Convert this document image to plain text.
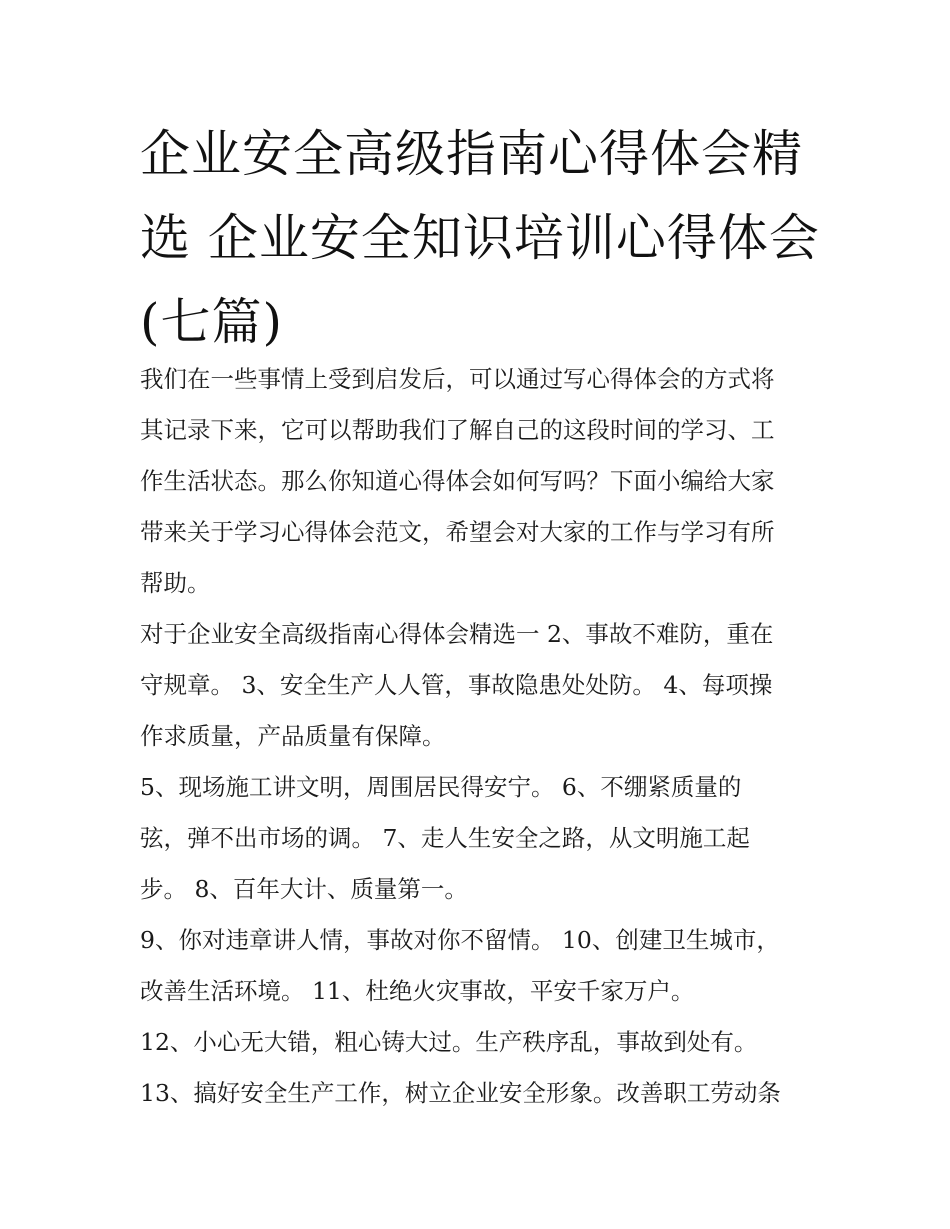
企业安全高级指南心得体会精
选 企业安全知识培训心得体会
(七篇)
我们在一些事情上受到启发后，可以通过写心得体会的方式将
其记录下来，它可以帮助我们了解自己的这段时间的学习、工
作生活状态。那么你知道心得体会如何写吗？下面小编给大家
带来关于学习心得体会范文，希望会对大家的工作与学习有所
帮助。
对于企业安全高级指南心得体会精选一 2、事故不难防，重在
守规章。 3、安全生产人人管，事故隐患处处防。 4、每项操
作求质量，产品质量有保障。
5、现场施工讲文明，周围居民得安宁。 6、不绷紧质量的
弦，弹不出市场的调。 7、走人生安全之路，从文明施工起
步。 8、百年大计、质量第一。
9、你对违章讲人情，事故对你不留情。 10、创建卫生城市，
改善生活环境。 11、杜绝火灾事故，平安千家万户。
12、小心无大错，粗心铸大过。生产秩序乱，事故到处有。
13、搞好安全生产工作，树立企业安全形象。改善职工劳动条
